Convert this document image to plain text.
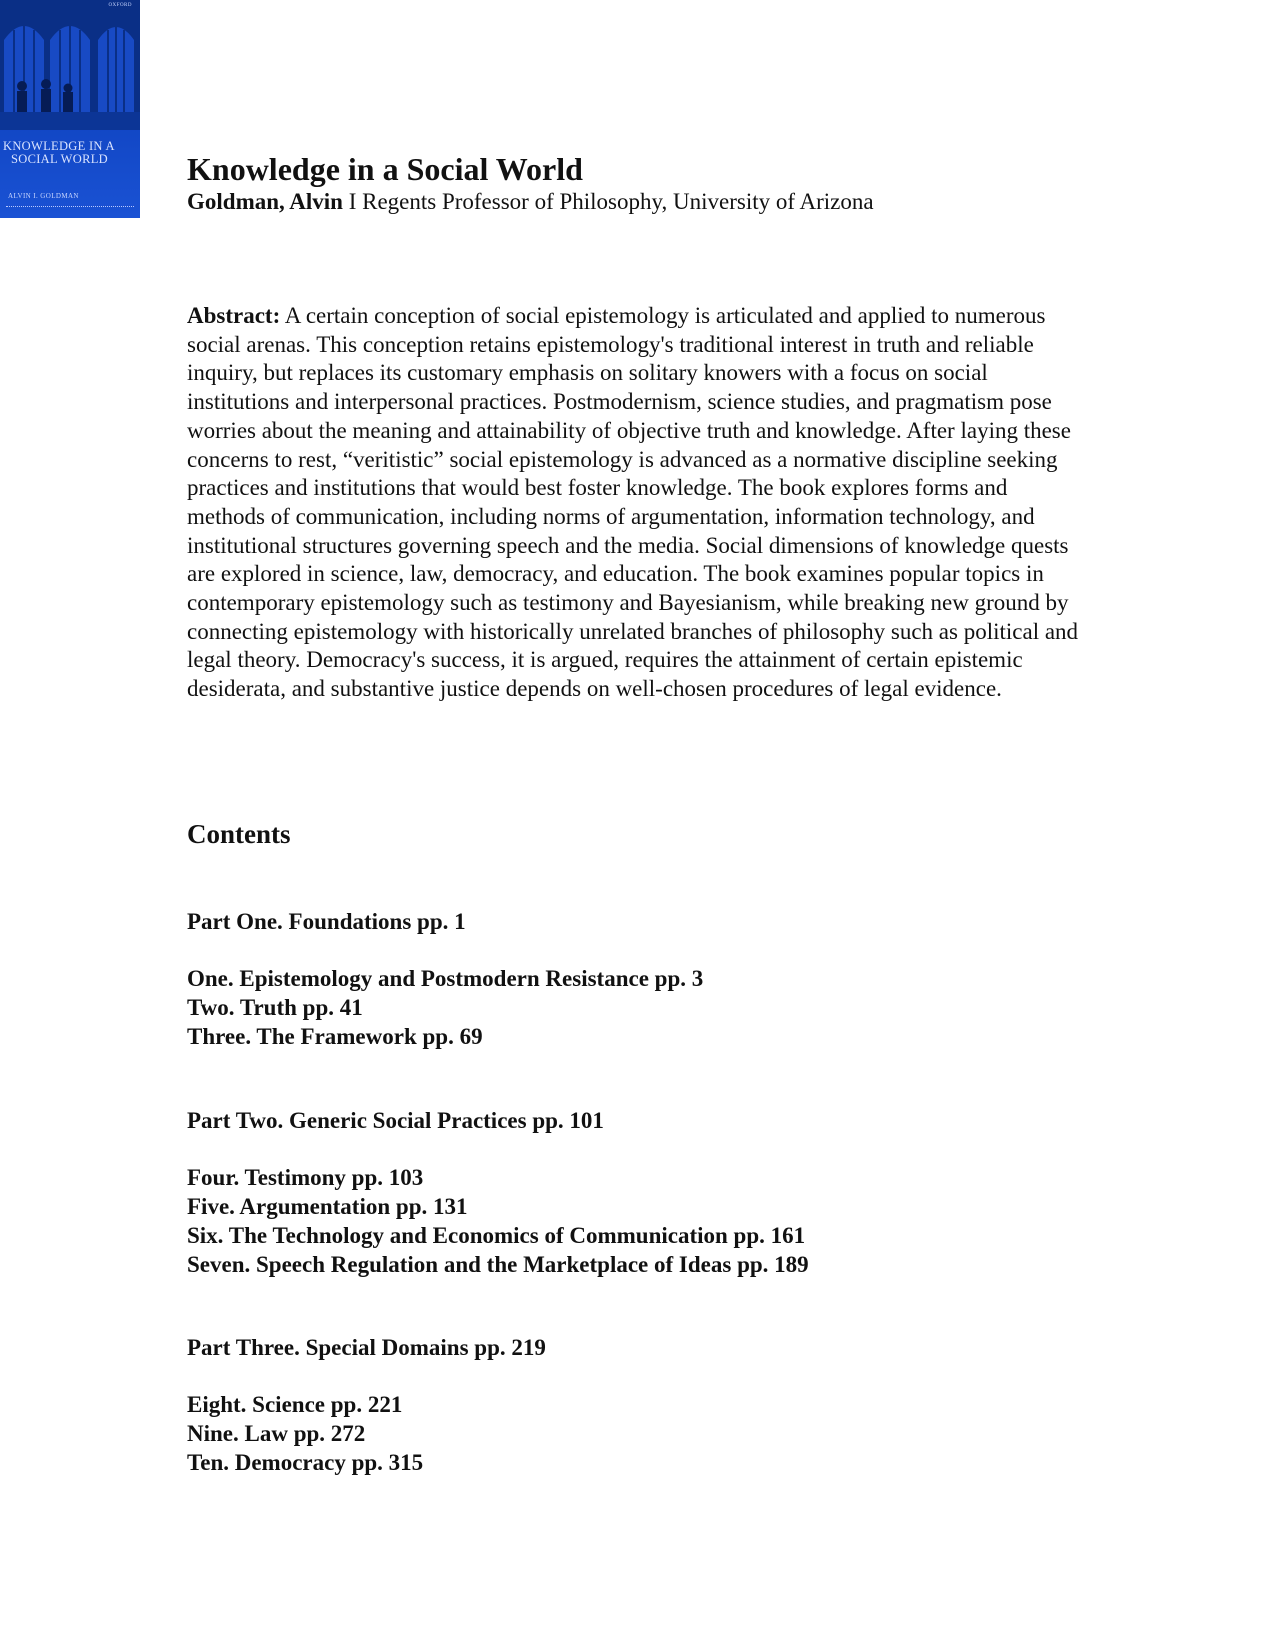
OXFORD
KNOWLEDGE IN A
SOCIAL WORLD
ALVIN I. GOLDMAN
Knowledge in a Social World

Goldman, Alvin I Regents Professor of Philosophy, University of Arizona

Abstract: A certain conception of social epistemology is articulated and applied to numerous social arenas. This conception retains epistemology's traditional interest in truth and reliable inquiry, but replaces its customary emphasis on solitary knowers with a focus on social institutions and interpersonal practices. Postmodernism, science studies, and pragmatism pose worries about the meaning and attainability of objective truth and knowledge. After laying these concerns to rest, “veritistic” social epistemology is advanced as a normative discipline seeking practices and institutions that would best foster knowledge. The book explores forms and methods of communication, including norms of argumentation, information technology, and institutional structures governing speech and the media. Social dimensions of knowledge quests are explored in science, law, democracy, and education. The book examines popular topics in contemporary epistemology such as testimony and Bayesianism, while breaking new ground by connecting epistemology with historically unrelated branches of philosophy such as political and legal theory. Democracy's success, it is argued, requires the attainment of certain epistemic desiderata, and substantive justice depends on well-chosen procedures of legal evidence.

Contents
Part One. Foundations pp. 1
One. Epistemology and Postmodern Resistance pp. 3
Two. Truth pp. 41
Three. The Framework pp. 69
Part Two. Generic Social Practices pp. 101
Four. Testimony pp. 103
Five. Argumentation pp. 131
Six. The Technology and Economics of Communication pp. 161
Seven. Speech Regulation and the Marketplace of Ideas pp. 189
Part Three. Special Domains pp. 219
Eight. Science pp. 221
Nine. Law pp. 272
Ten. Democracy pp. 315
